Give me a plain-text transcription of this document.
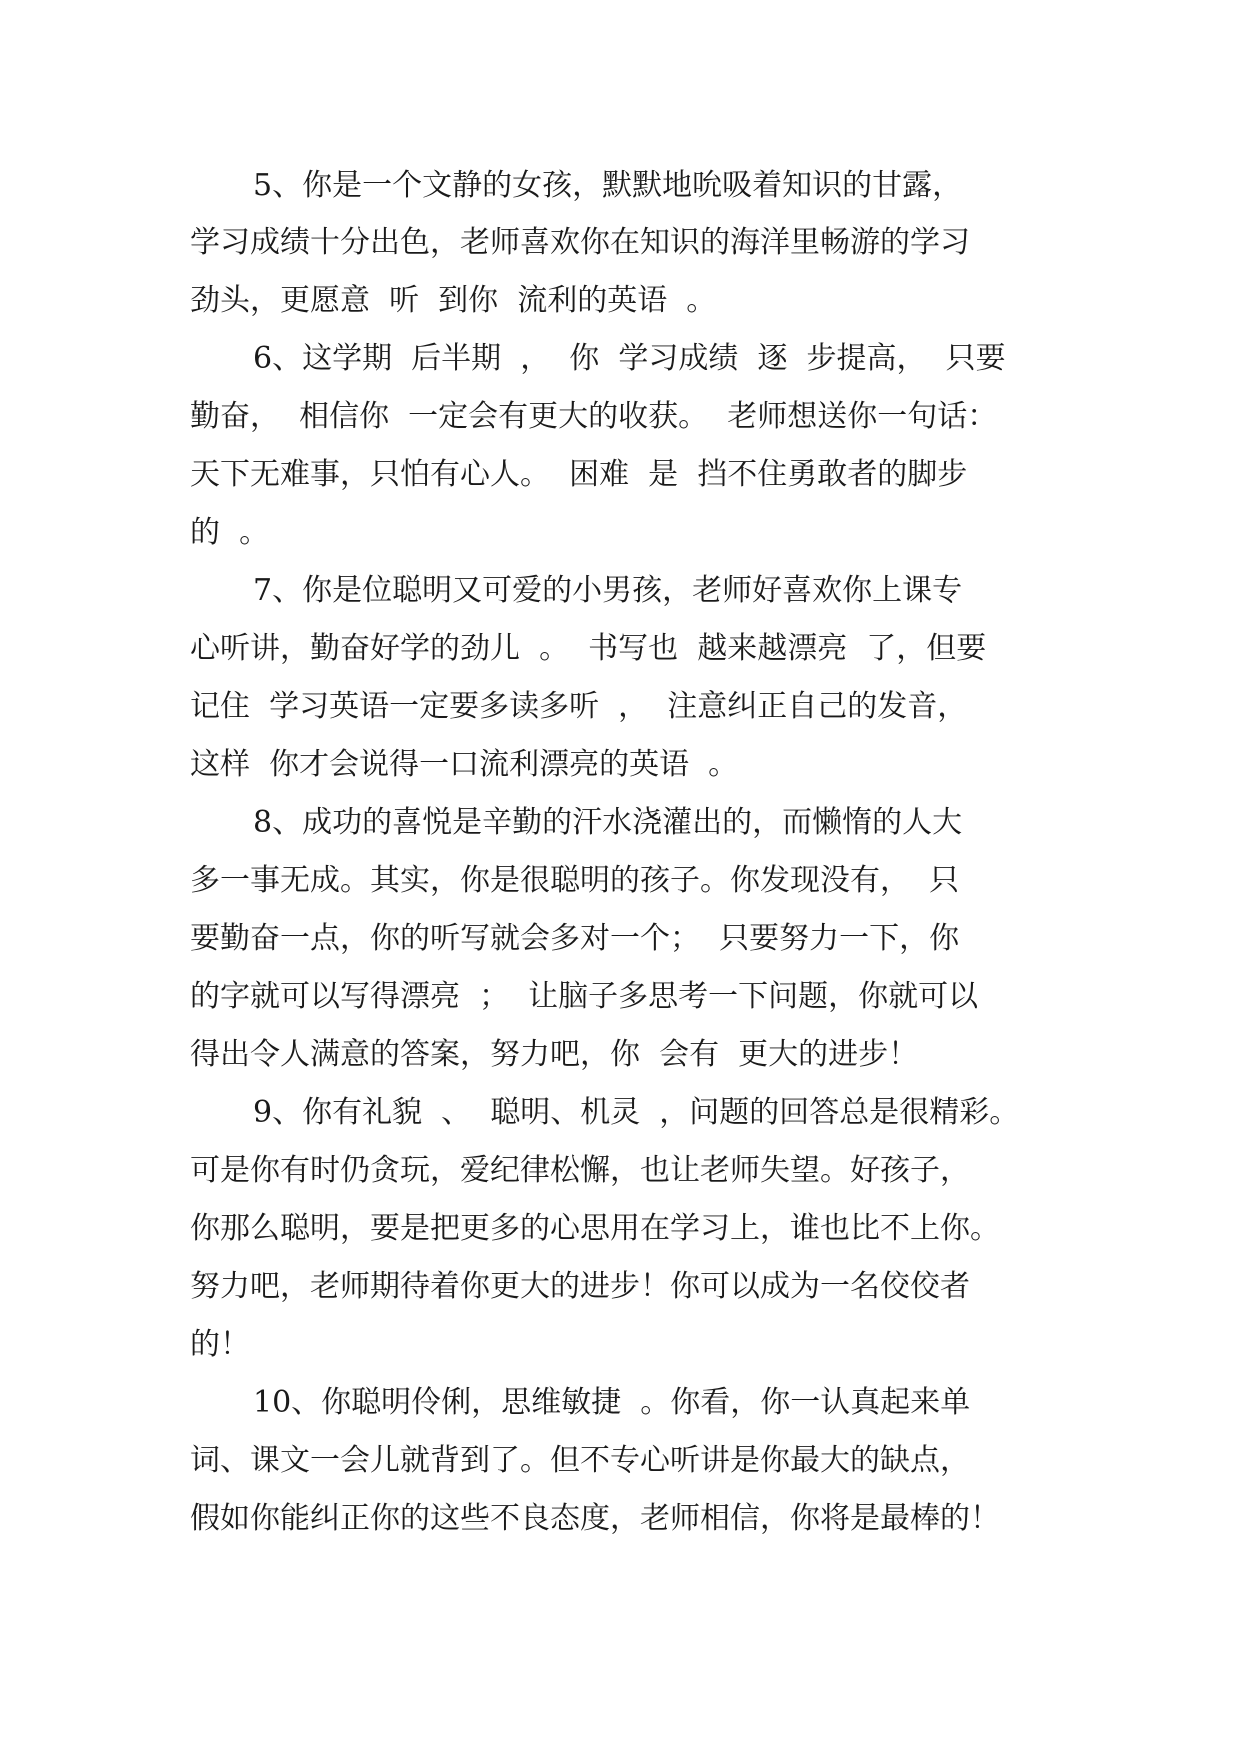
5、你是一个文静的女孩，默默地吮吸着知识的甘露，
学习成绩十分出色，老师喜欢你在知识的海洋里畅游的学习
劲头，更愿意  听  到你  流利的英语  。
6、这学期  后半期  ，  你  学习成绩  逐  步提高，  只要
勤奋，  相信你  一定会有更大的收获。  老师想送你一句话：
天下无难事，只怕有心人。  困难  是  挡不住勇敢者的脚步
的  。
7、你是位聪明又可爱的小男孩，老师好喜欢你上课专
心听讲，勤奋好学的劲儿  。  书写也  越来越漂亮  了，但要
记住  学习英语一定要多读多听  ，  注意纠正自己的发音，
这样  你才会说得一口流利漂亮的英语  。
8、成功的喜悦是辛勤的汗水浇灌出的，而懒惰的人大
多一事无成。其实，你是很聪明的孩子。你发现没有，  只
要勤奋一点，你的听写就会多对一个；  只要努力一下，你
的字就可以写得漂亮  ；  让脑子多思考一下问题，你就可以
得出令人满意的答案，努力吧，你  会有  更大的进步！
9、你有礼貌  、  聪明、机灵  ，问题的回答总是很精彩。
可是你有时仍贪玩，爱纪律松懈，也让老师失望。好孩子，
你那么聪明，要是把更多的心思用在学习上，谁也比不上你。
努力吧，老师期待着你更大的进步！你可以成为一名佼佼者
的！
10、你聪明伶俐，思维敏捷  。你看，你一认真起来单
词、课文一会儿就背到了。但不专心听讲是你最大的缺点，
假如你能纠正你的这些不良态度，老师相信，你将是最棒的！
